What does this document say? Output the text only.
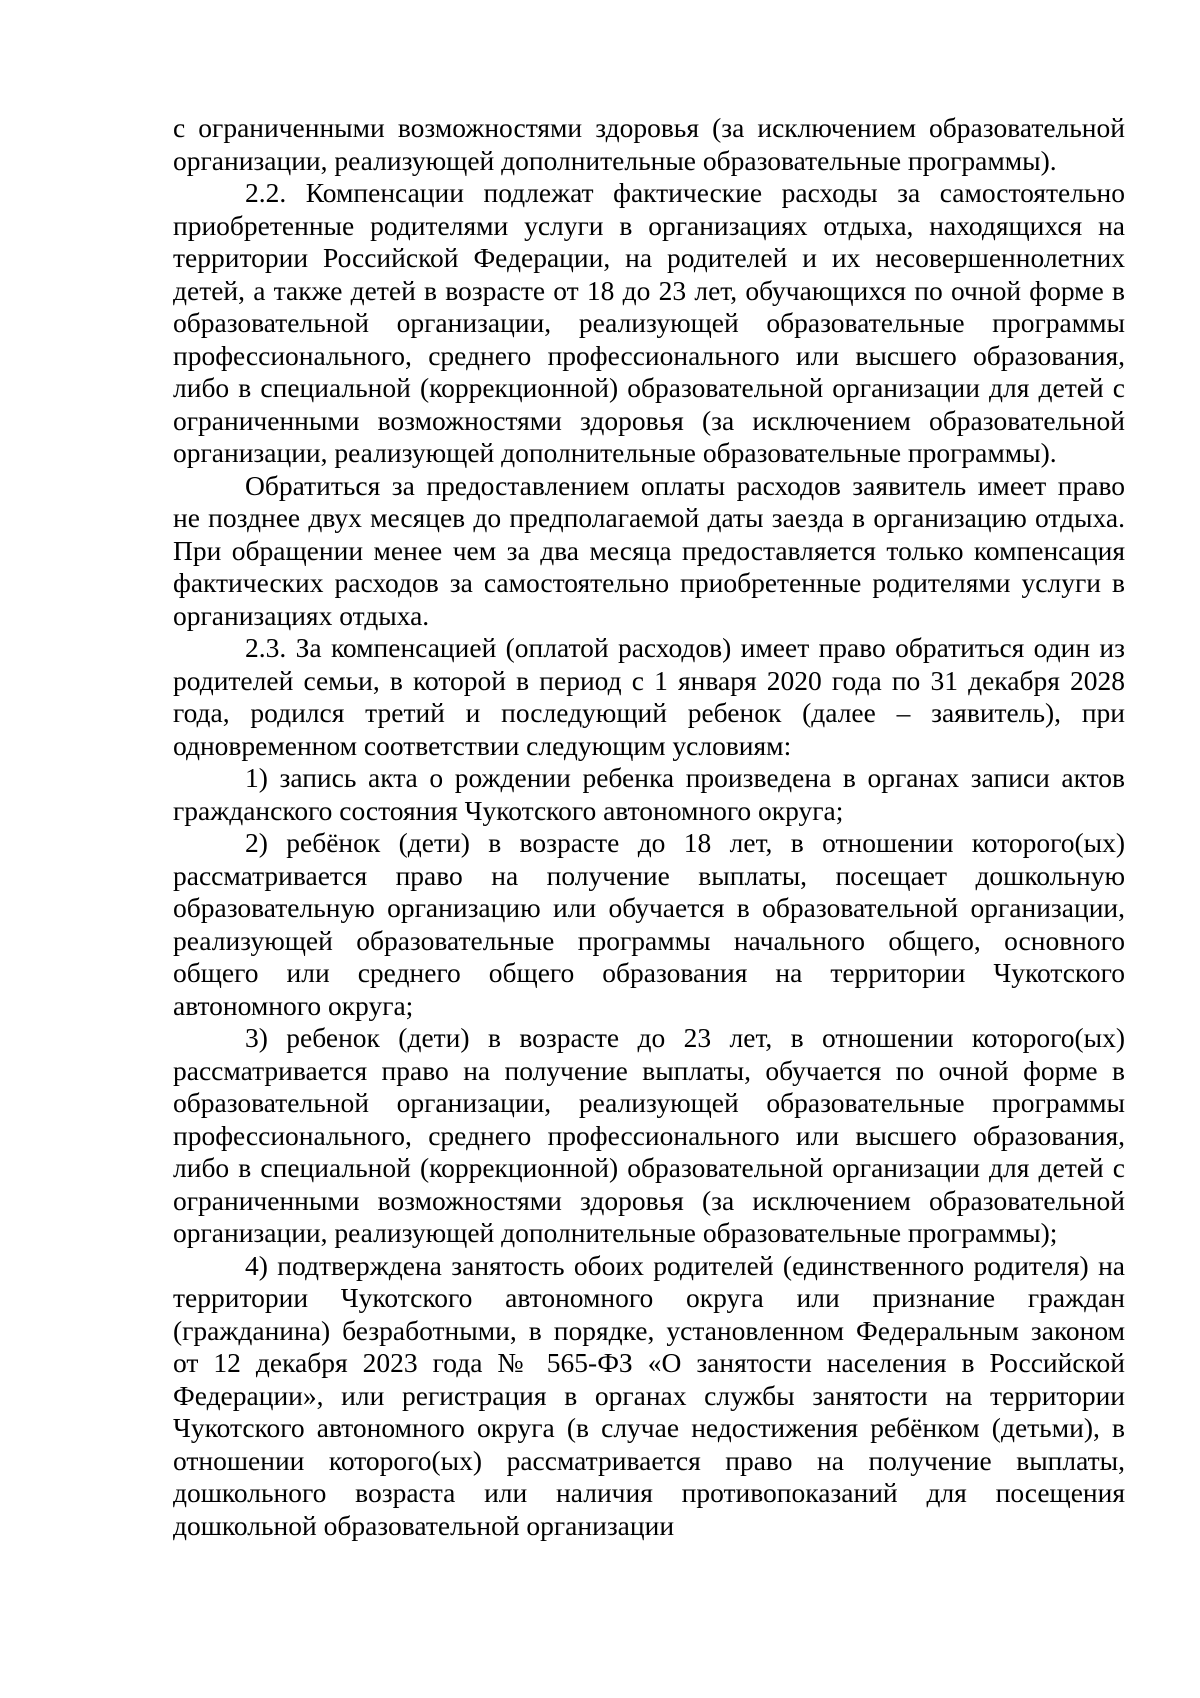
с ограниченными возможностями здоровья (за исключением образовательной организации, реализующей дополнительные образовательные программы).

2.2. Компенсации подлежат фактические расходы за самостоятельно приобретенные родителями услуги в организациях отдыха, находящихся на территории Российской Федерации, на родителей и их несовершеннолетних детей, а также детей в возрасте от 18 до 23 лет, обучающихся по очной форме в образовательной организации, реализующей образовательные программы профессионального, среднего профессионального или высшего образования, либо в специальной (коррекционной) образовательной организации для детей с ограниченными возможностями здоровья (за исключением образовательной организации, реализующей дополнительные образовательные программы).

Обратиться за предоставлением оплаты расходов заявитель имеет право не позднее двух месяцев до предполагаемой даты заезда в организацию отдыха. При обращении менее чем за два месяца предоставляется только компенсация фактических расходов за самостоятельно приобретенные родителями услуги в организациях отдыха.

2.3. За компенсацией (оплатой расходов) имеет право обратиться один из родителей семьи, в которой в период с 1 января 2020 года по 31 декабря 2028 года, родился третий и последующий ребенок (далее – заявитель), при одновременном соответствии следующим условиям:

1) запись акта о рождении ребенка произведена в органах записи актов гражданского состояния Чукотского автономного округа;

2) ребёнок (дети) в возрасте до 18 лет, в отношении которого(ых) рассматривается право на получение выплаты, посещает дошкольную образовательную организацию или обучается в образовательной организации, реализующей образовательные программы начального общего, основного общего или среднего общего образования на территории Чукотского автономного округа;

3) ребенок (дети) в возрасте до 23 лет, в отношении которого(ых) рассматривается право на получение выплаты, обучается по очной форме в образовательной организации, реализующей образовательные программы профессионального, среднего профессионального или высшего образования, либо в специальной (коррекционной) образовательной организации для детей с ограниченными возможностями здоровья (за исключением образовательной организации, реализующей дополнительные образовательные программы);

4) подтверждена занятость обоих родителей (единственного родителя) на территории Чукотского автономного округа или признание граждан (гражданина) безработными, в порядке, установленном Федеральным законом от 12 декабря 2023 года № 565-ФЗ «О занятости населения в Российской Федерации», или регистрация в органах службы занятости на территории Чукотского автономного округа (в случае недостижения ребёнком (детьми), в отношении которого(ых) рассматривается право на получение выплаты, дошкольного возраста или наличия противопоказаний для посещения дошкольной образовательной организации
